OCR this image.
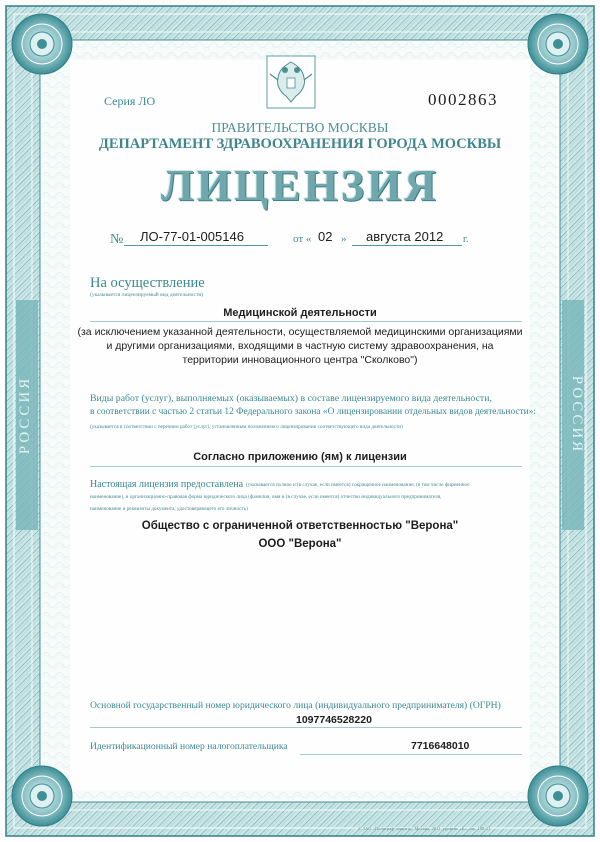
РОССИЯ	РОССИЯ
Серия ЛО	0002863
ПРАВИТЕЛЬСТВО МОСКВЫ
ДЕПАРТАМЕНТ ЗДРАВООХРАНЕНИЯ ГОРОДА МОСКВЫ
ЛИЦЕНЗИЯ
№ ЛО-77-01-005146	от « 02 » августа 2012 г.
На осуществление
(указывается лицензируемый вид деятельности)
Медицинской деятельности
(за исключением указанной деятельности, осуществляемой медицинскими организациями
и другими организациями, входящими в частную систему здравоохранения, на
территории инновационного центра "Сколково")
Виды работ (услуг), выполняемых (оказываемых) в составе лицензируемого вида деятельности,
в соответствии с частью 2 статьи 12 Федерального закона «О лицензировании отдельных видов деятельности»:
(указывается в соответствии с перечнем работ (услуг), установленным положением о лицензировании соответствующего вида деятельности)
Согласно приложению (ям) к лицензии
Настоящая лицензия предоставлена (указывается полное и (в случае, если имеется) сокращенное наименование, (в том числе фирменное
наименование), и организационно-правовая форма юридического лица (фамилия, имя и (в случае, если имеется) отчество индивидуального предпринимателя,
наименование и реквизиты документа, удостоверяющего его личность)
Общество с ограниченной ответственностью "Верона"
ООО "Верона"
Основной государственный номер юридического лица (индивидуального предпринимателя) (ОГРН)
1097746528220
Идентификационный номер налогоплательщика	7716648010
© ЗАО «Полиграф-защита», Москва, 2011, уровень «Б», зак. 198-11
